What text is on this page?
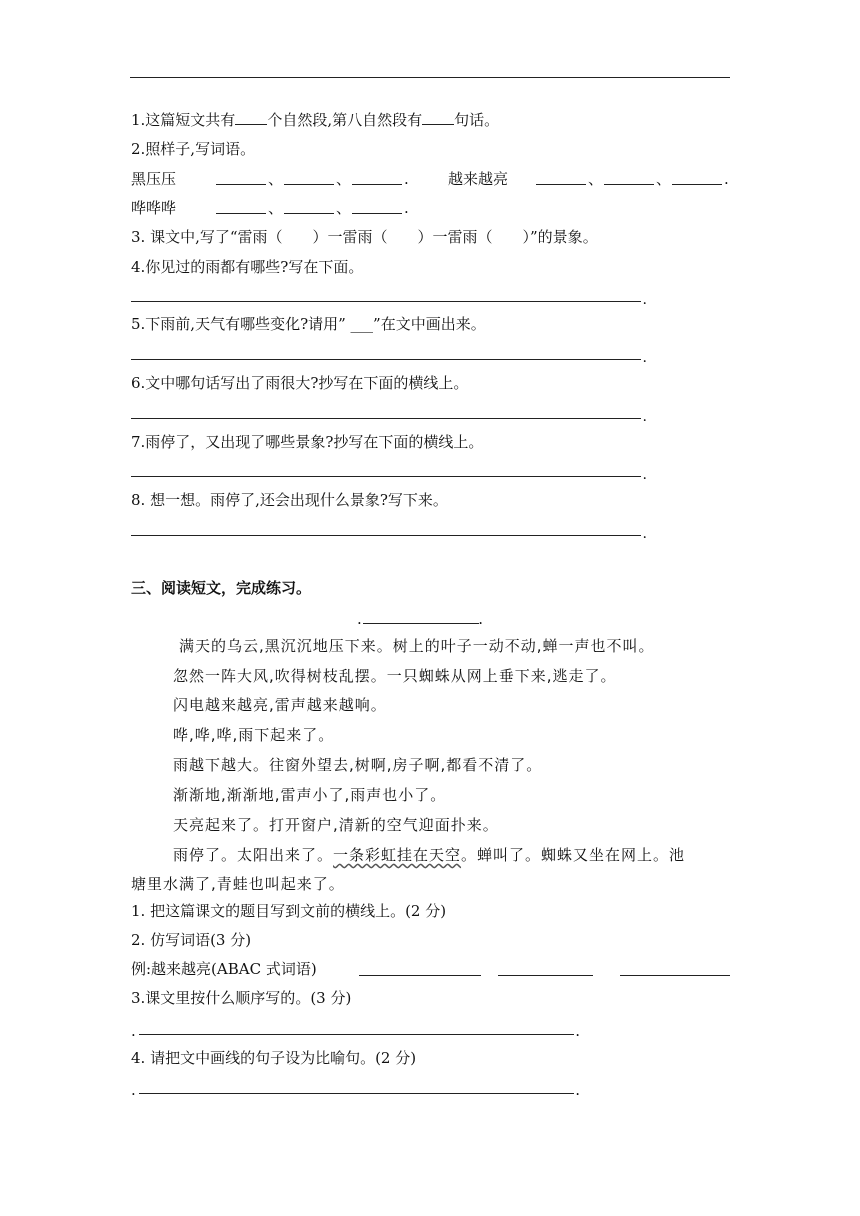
1.这篇短文共有 个自然段,第八自然段有 句话。
2.照样子,写词语。
黑压压	、	、	.	越来越亮	、	、	.
哗哗哗	、	、	.
3. 课文中,写了“雷雨（　　）一雷雨（　　）一雷雨（　　）”的景象。
4.你见过的雨都有哪些?写在下面。
.
5.下雨前,天气有哪些变化?请用” ___”在文中画出来。
.
6.文中哪句话写出了雨很大?抄写在下面的横线上。
.
7.雨停了，又出现了哪些景象?抄写在下面的横线上。
.
8. 想一想。雨停了,还会出现什么景象?写下来。
.
三、阅读短文，完成练习。
.	.
满天的乌云,黑沉沉地压下来。树上的叶子一动不动,蝉一声也不叫。
忽然一阵大风,吹得树枝乱摆。一只蜘蛛从网上垂下来,逃走了。
闪电越来越亮,雷声越来越响。
哗,哗,哗,雨下起来了。
雨越下越大。往窗外望去,树啊,房子啊,都看不清了。
渐渐地,渐渐地,雷声小了,雨声也小了。
天亮起来了。打开窗户,清新的空气迎面扑来。
雨停了。太阳出来了。一条彩虹挂在天空。蝉叫了。蜘蛛又坐在网上。池
塘里水满了,青蛙也叫起来了。
1. 把这篇课文的题目写到文前的横线上。(2 分)
2. 仿写词语(3 分)
例:越来越亮(ABAC 式词语)
3.课文里按什么顺序写的。(3 分)
.	.
4. 请把文中画线的句子设为比喻句。(2 分)
.	.
